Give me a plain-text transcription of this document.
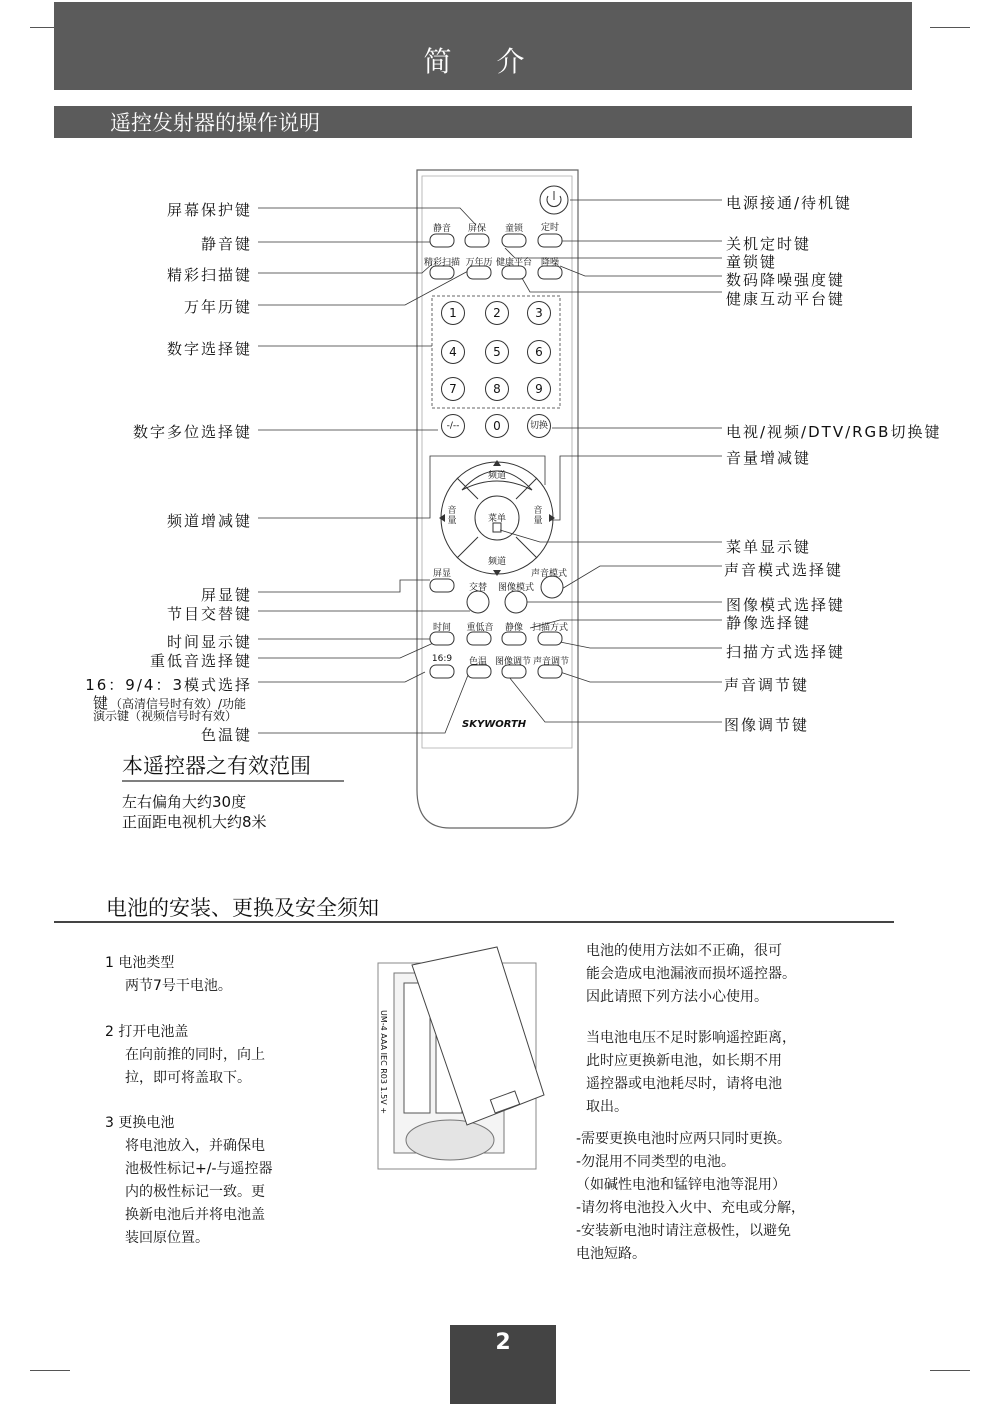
简 介
遥控发射器的操作说明
静音	屏保	童锁	定时
精彩扫描 万年历 健康平台 降噪
1	2	3
4	5	6
7	8	9
-/--	0	切换
频道
频道
音量
音量
菜单
屏显	声音模式
交替	图像模式
时间	重低音	静像 扫描方式
16:9	色温 图像调节 声音调节
SKYWORTH
屏幕保护键
静音键
精彩扫描键
万年历键
数字选择键
数字多位选择键
频道增减键
屏显键
节目交替键
时间显示键
重低音选择键
16：9/4：3模式选择
键（高清信号时有效）/功能
演示键（视频信号时有效）
色温键
电源接通/待机键
关机定时键
童锁键
数码降噪强度键
健康互动平台键
电视/视频/DTV/RGB切换键
音量增减键
菜单显示键
声音模式选择键
图像模式选择键
静像选择键
扫描方式选择键
声音调节键
图像调节键
本遥控器之有效范围
左右偏角大约30度
正面距电视机大约8米
电池的安装、更换及安全须知
1 电池类型
两节7号干电池。
2 打开电池盖
在向前推的同时，向上
拉，即可将盖取下。
3 更换电池
将电池放入，并确保电
池极性标记+/-与遥控器
内的极性标记一致。更
换新电池后并将电池盖
装回原位置。
UM-4 AAA IEC R03 1.5V +
电池的使用方法如不正确，很可
能会造成电池漏液而损坏遥控器。
因此请照下列方法小心使用。
当电池电压不足时影响遥控距离，
此时应更换新电池，如长期不用
遥控器或电池耗尽时，请将电池
取出。
-需要更换电池时应两只同时更换。
-勿混用不同类型的电池。
（如碱性电池和锰锌电池等混用）
-请勿将电池投入火中、充电或分解，
-安装新电池时请注意极性，以避免
电池短路。
2
